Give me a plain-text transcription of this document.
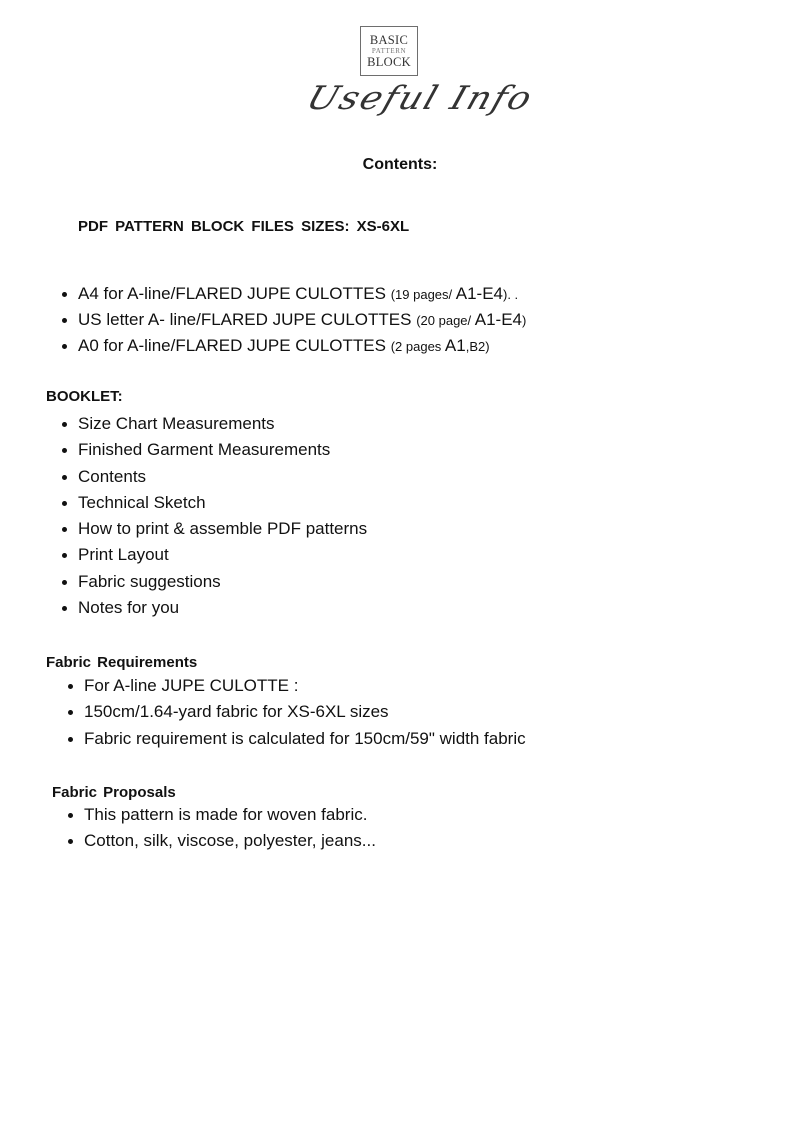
BASIC
PATTERN
BLOCK
Useful Info
Contents:
PDF PATTERN BLOCK FILES SIZES: XS-6XL
A4 for A-line/FLARED JUPE CULOTTES (19 pages/ A1-E4). .
US letter A- line/FLARED JUPE CULOTTES (20 page/ A1-E4)
A0 for A-line/FLARED JUPE CULOTTES (2 pages A1,B2)
BOOKLET:
Size Chart Measurements
Finished Garment Measurements
Contents
Technical Sketch
How to print & assemble PDF patterns
Print Layout
Fabric suggestions
Notes for you
Fabric Requirements
For A-line JUPE CULOTTE :
150cm/1.64-yard fabric for XS-6XL sizes
Fabric requirement is calculated for 150cm/59" width fabric
Fabric Proposals
This pattern is made for woven fabric.
Cotton, silk, viscose, polyester, jeans...
